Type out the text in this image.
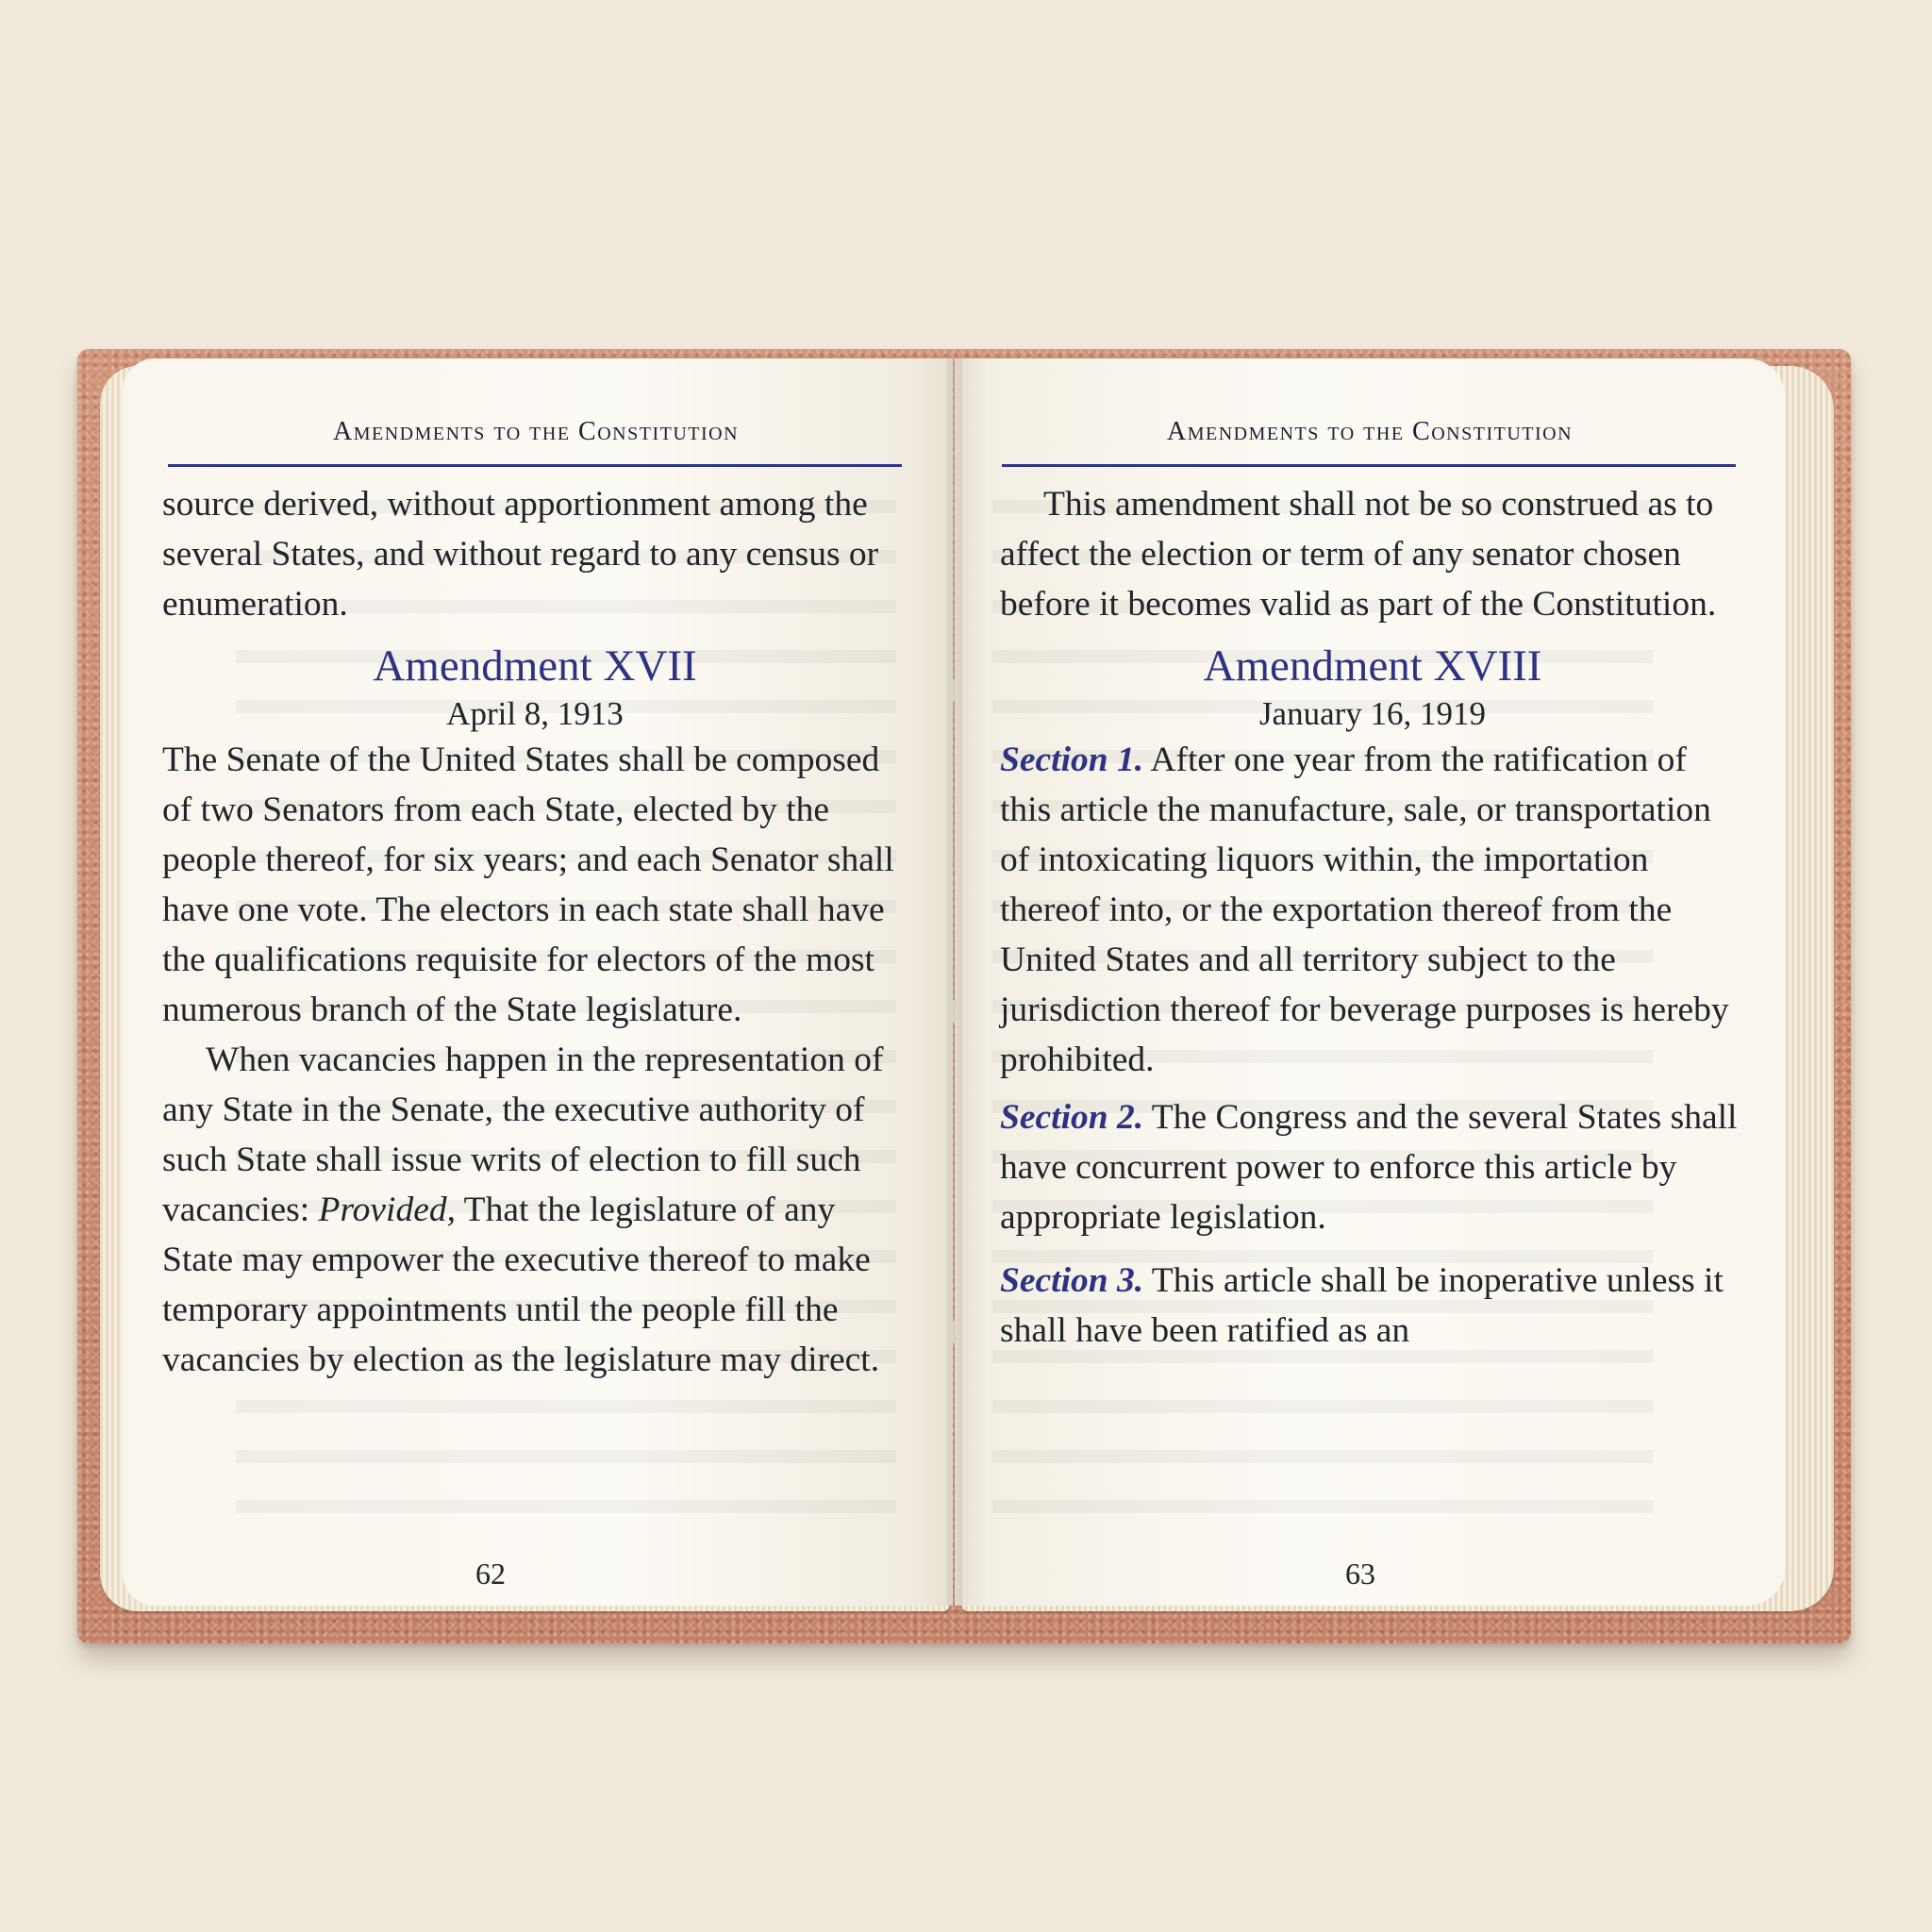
Amendments to the Constitution

source derived, without apportionment among the several States, and without regard to any census or enumeration.

Amendment XVII

April 8, 1913

The Senate of the United States shall be composed of two Senators from each State, elected by the people thereof, for six years; and each Senator shall have one vote. The electors in each state shall have the qualifications requisite for electors of the most numerous branch of the State legislature.

When vacancies happen in the representation of any State in the Senate, the executive authority of such State shall issue writs of election to fill such vacancies: Provided, That the legislature of any State may empower the executive thereof to make temporary appointments until the people fill the vacancies by election as the legislature may direct.

62
Amendments to the Constitution

This amendment shall not be so construed as to affect the election or term of any senator chosen before it becomes valid as part of the Constitution.

Amendment XVIII

January 16, 1919

Section 1. After one year from the ratification of this article the manufacture, sale, or transportation of intoxicating liquors within, the importation thereof into, or the exportation thereof from the United States and all territory subject to the jurisdiction thereof for beverage purposes is hereby prohibited.

Section 2. The Congress and the several States shall have concurrent power to enforce this article by appropriate legislation.

Section 3. This article shall be inoperative unless it shall have been ratified as an

63
